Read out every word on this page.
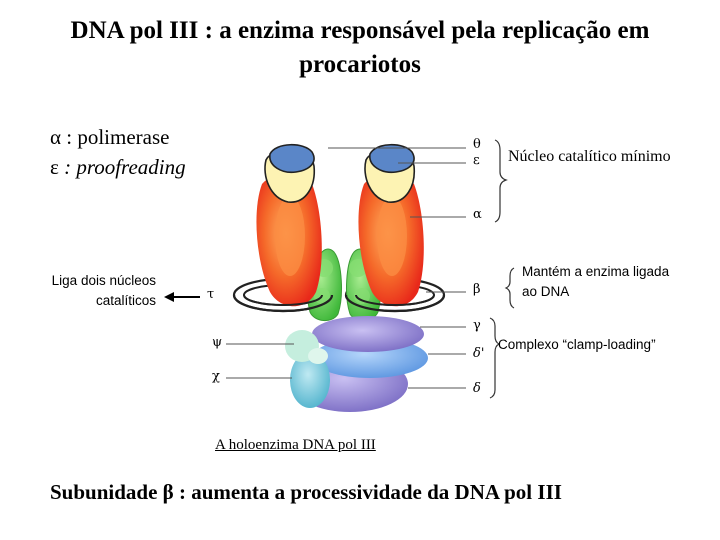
DNA pol III : a enzima responsável pela replicação em
procariotos
α : polimerase
ε : proofreading
θ
ε
α
τ	β
γ
δ'
δ
ψ
χ
Núcleo catalítico mínimo
Mantém a enzima ligada
ao DNA
Complexo “clamp-loading”
Liga dois núcleos
catalíticos
A holoenzima DNA pol III
Subunidade β : aumenta a processividade da DNA pol III
